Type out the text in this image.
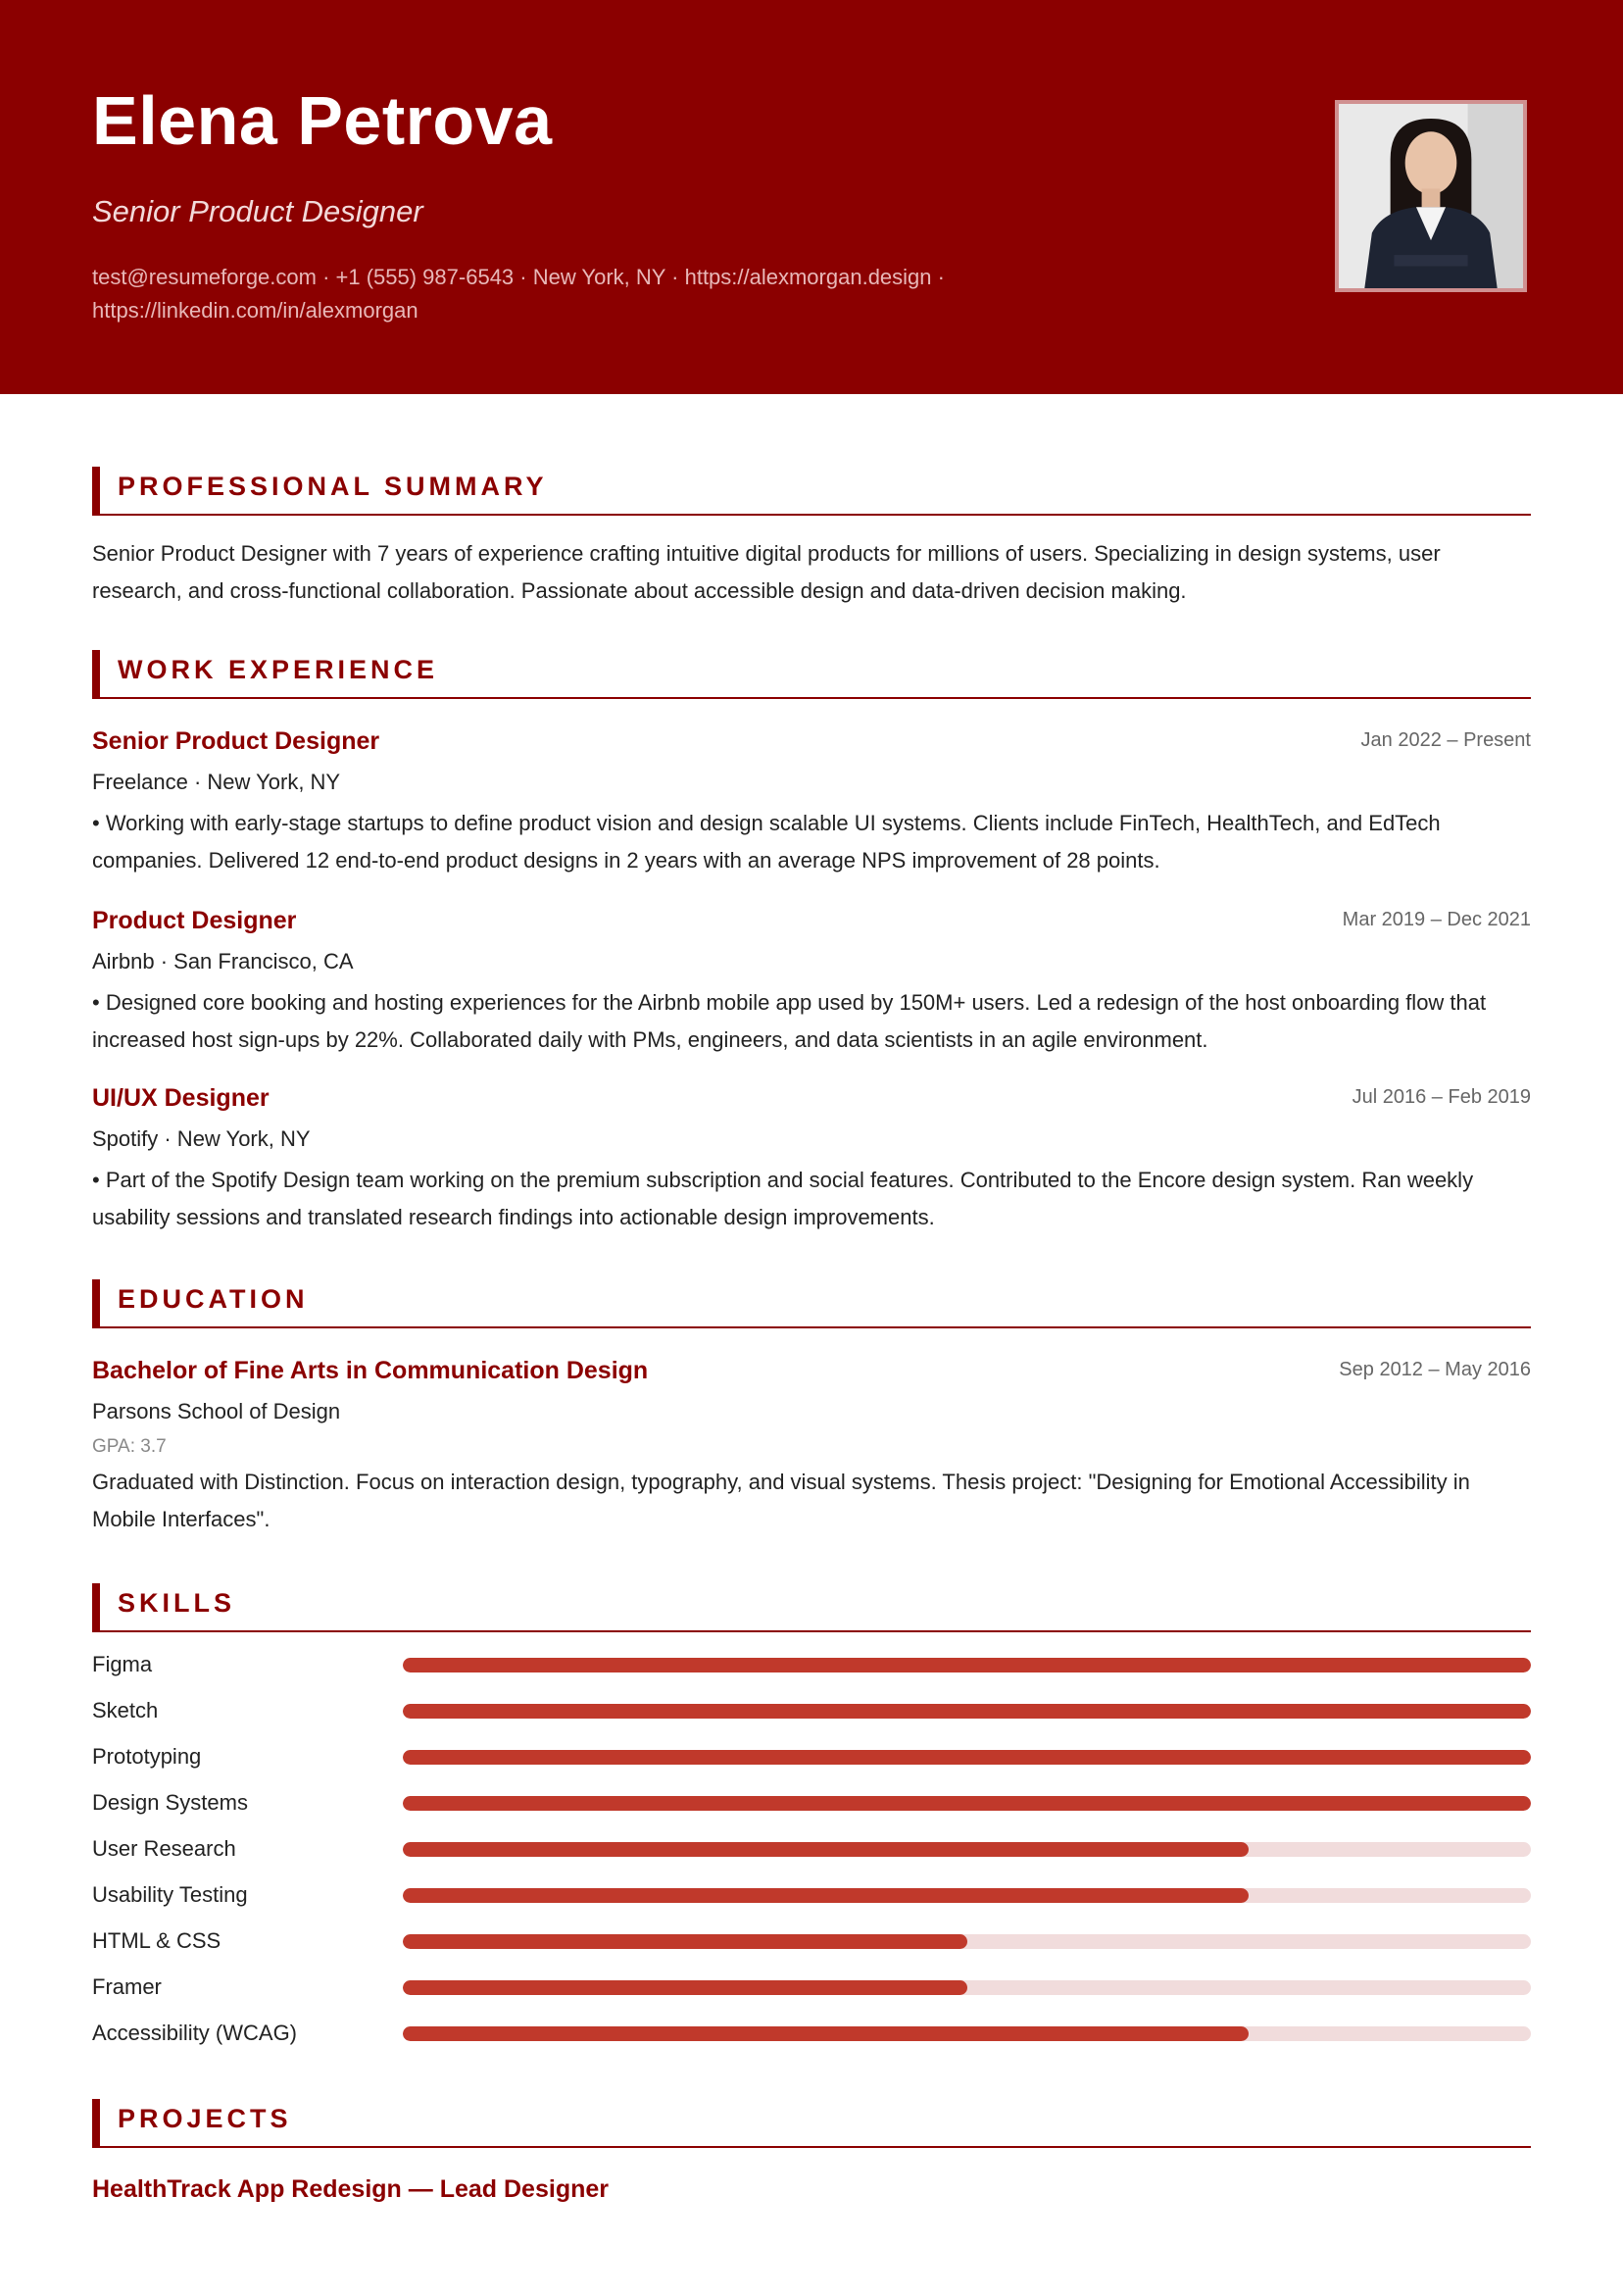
Elena Petrova
Senior Product Designer
test@resumeforge.com · +1 (555) 987-6543 · New York, NY · https://alexmorgan.design · https://linkedin.com/in/alexmorgan
PROFESSIONAL SUMMARY
Senior Product Designer with 7 years of experience crafting intuitive digital products for millions of users. Specializing in design systems, user research, and cross-functional collaboration. Passionate about accessible design and data-driven decision making.
WORK EXPERIENCE
Senior Product Designer	Jan 2022 – Present
Freelance · New York, NY
• Working with early-stage startups to define product vision and design scalable UI systems. Clients include FinTech, HealthTech, and EdTech companies. Delivered 12 end-to-end product designs in 2 years with an average NPS improvement of 28 points.
Product Designer	Mar 2019 – Dec 2021
Airbnb · San Francisco, CA
• Designed core booking and hosting experiences for the Airbnb mobile app used by 150M+ users. Led a redesign of the host onboarding flow that increased host sign-ups by 22%. Collaborated daily with PMs, engineers, and data scientists in an agile environment.
UI/UX Designer	Jul 2016 – Feb 2019
Spotify · New York, NY
• Part of the Spotify Design team working on the premium subscription and social features. Contributed to the Encore design system. Ran weekly usability sessions and translated research findings into actionable design improvements.
EDUCATION
Bachelor of Fine Arts in Communication Design	Sep 2012 – May 2016
Parsons School of Design
GPA: 3.7
Graduated with Distinction. Focus on interaction design, typography, and visual systems. Thesis project: "Designing for Emotional Accessibility in Mobile Interfaces".
SKILLS
Figma
Sketch
Prototyping
Design Systems
User Research
Usability Testing
HTML & CSS
Framer
Accessibility (WCAG)
PROJECTS
HealthTrack App Redesign — Lead Designer
